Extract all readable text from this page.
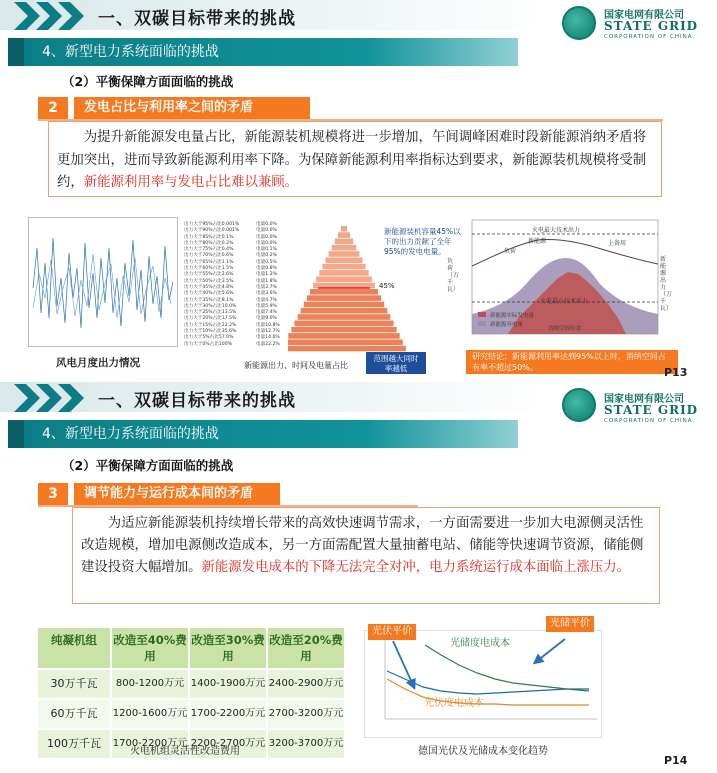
一、双碳目标带来的挑战	国家电网有限公司
STATE GRID
CORPORATION OF CHINA
4、新型电力系统面临的挑战
（2）平衡保障方面面临的挑战
2	发电占比与利用率之间的矛盾
为提升新能源发电量占比，新能源装机规模将进一步增加，午间调峰困难时段新能源消纳矛盾将更加突出，进而导致新能源利用率下降。为保障新能源利用率指标达到要求，新能源装机规模将受制约，新能源利用率与发电占比难以兼顾。
风电月度出力情况
出力大于95%占比0.001%
出力大于90%占比0.001%
出力大于85%占比0.1%
出力大于80%占比0.2%
出力大于75%占比0.4%
出力大于70%占比0.6%
出力大于65%占比1.1%
出力大于60%占比1.5%
出力大于55%占比2.6%
出力大于50%占比3.5%
出力大于45%占比4.8%
出力大于40%占比5.6%
出力大于35%占比8.1%
出力大于30%占比10.0%
出力大于25%占比13.5%
出力大于20%占比17.5%
出力大于15%占比22.2%
出力大于10%占比35.6%
出力大于5%占比57.0%
出力大于0%占比100%
电量0.0%
电量0.0%
电量0.0%
电量0.0%
电量0.1%
电量0.2%
电量0.5%
电量0.8%
电量1.2%
电量1.8%
电量2.7%
电量3.6%
电量4.7%
电量5.9%
电量7.4%
电量9.0%
电量10.8%
电量12.7%
电量14.6%
电量22.2%
45%
新能源装机容量45%以下的出力贡献了全年95%的发电电量。
新能源出力、时间及电量占比
范围越大同时率越低
负荷（万千瓦）
火电最大技术出力
火电最小技术出力
负荷
新能源	上备用
新能源实际发电量
新能源弃电量
消纳空间有余
新能源出力（万千瓦）
研究结论：新能源利用率达到95%以上时，消纳空间占有率不超过50%。	P13
一、双碳目标带来的挑战	国家电网有限公司
STATE GRID
CORPORATION OF CHINA
4、新型电力系统面临的挑战
（2）平衡保障方面面临的挑战
3	调节能力与运行成本间的矛盾
为适应新能源装机持续增长带来的高效快速调节需求，一方面需要进一步加大电源侧灵活性改造规模，增加电源侧改造成本，另一方面需配置大量抽蓄电站、储能等快速调节资源，储能侧建设投资大幅增加。新能源发电成本的下降无法完全对冲，电力系统运行成本面临上涨压力。
纯凝机组	改造至40%费用
改造至30%费用
改造至20%费用
30万千瓦	800-1200万元 1400-1900万元 2400-2900万元
60万千瓦	1200-1600万元 1700-2200万元 2700-3200万元
100万千瓦	1700-2200万元 2200-2700万元 3200-3700万元
火电机组灵活性改造费用
光伏平价
光储平价
光储度电成本
光伏度电成本
德国光伏及光储成本变化趋势
P14
